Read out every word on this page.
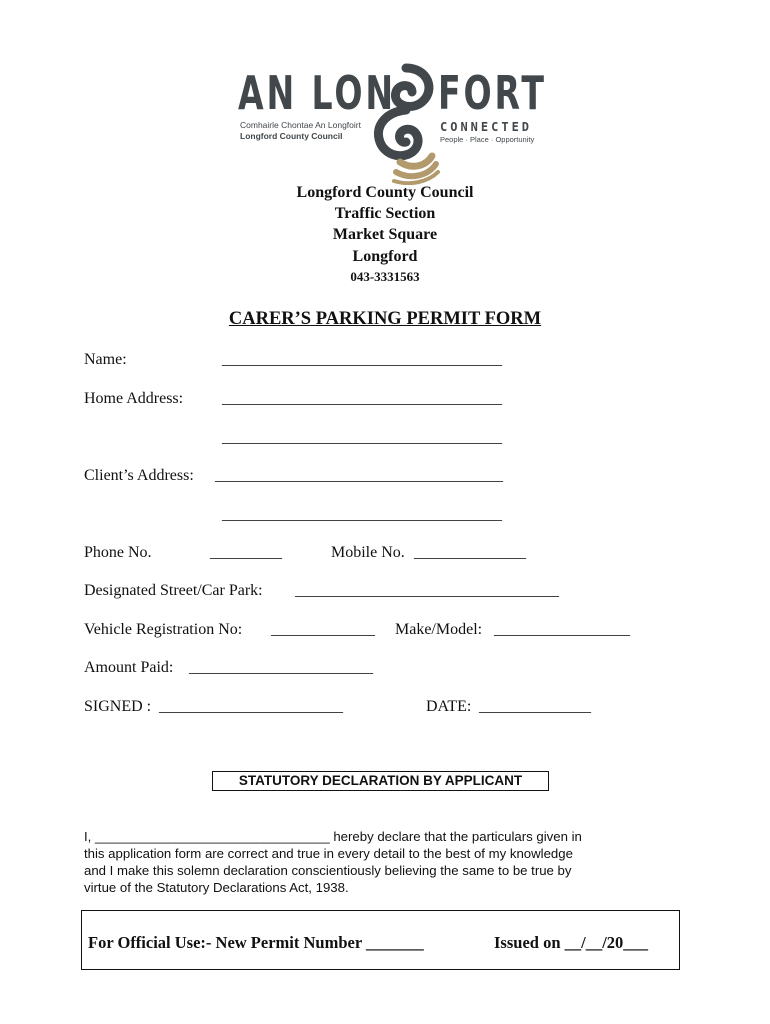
AN LON FORT
Comhairle Chontae An Longfoirt
Longford County Council
CONNECTED
People · Place · Opportunity
Longford County Council
Traffic Section
Market Square
Longford
043-3331563
CARER’S PARKING PERMIT FORM
Name:	___________________________________
Home Address: ___________________________________
___________________________________
Client’s Address: ____________________________________
___________________________________
Phone No.	_________	Mobile No. ______________
Designated Street/Car Park: _________________________________
Vehicle Registration No: _____________ Make/Model: _________________
Amount Paid: _______________________
SIGNED : _______________________	DATE: ______________
STATUTORY DECLARATION BY APPLICANT
I, ________________________________ hereby declare that the particulars given in
this application form are correct and true in every detail to the best of my knowledge
and I make this solemn declaration conscientiously believing the same to be true by
virtue of the Statutory Declarations Act, 1938.
For Official Use:- New Permit Number _______	Issued on __/__/20___
